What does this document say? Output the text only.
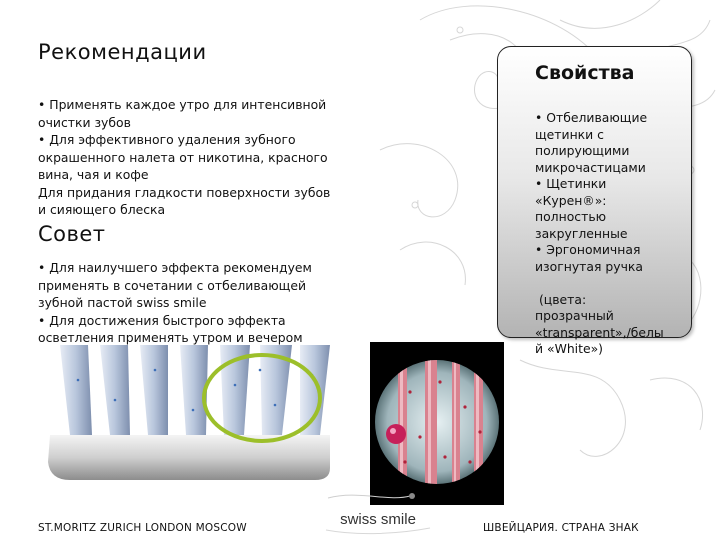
Рекомендации
• Применять каждое утро для интенсивной
очистки зубов
• Для эффективного удаления зубного
окрашенного налета от никотина, красного
вина, чая и кофе
Для придания гладкости поверхности зубов
и сияющего блеска
Совет
• Для наилучшего эффекта рекомендуем
применять в сочетании с отбеливающей
зубной пастой swiss smile
• Для достижения быстрого эффекта
осветления применять утром и вечером
Свойства
• Отбеливающие
щетинки с
полирующими
микрочастицами
• Щетинки
«Курен®»:
полностью
закругленные
• Эргономичная
изогнутая ручка

(цвета:
прозрачный
«transparent»,/белы
й «White»)
swiss smile
ST.MORITZ ZURICH LONDON MOSCOW	ШВЕЙЦАРИЯ. СТРАНА ЗНАК
